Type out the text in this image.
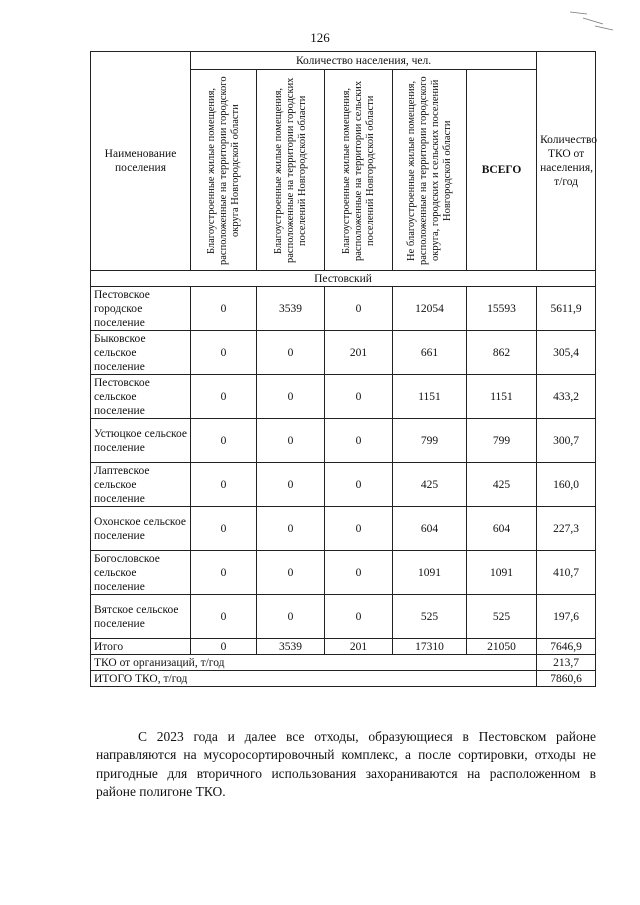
126
Наименование поселения	Количество населения, чел.					Количество ТКО от населения, т/год

	Благоустроенные жилые помещения, расположенные на территории городского округа Новгородской области	Благоустроенные жилые помещения, расположенные на территории городских поселений Новгородской области	Благоустроенные жилые помещения, расположенные на территории сельских поселений Новгородской области	Не благоустроенные жилые помещения, расположенные на территории городского округа, городских и сельских поселений Новгородской области	ВСЕГО	
Пестовский						
Пестовское городское поселение	0	3539	0	12054	15593	5611,9
Быковское сельское поселение	0	0	201	661	862	305,4
Пестовское сельское поселение	0	0	0	1151	1151	433,2
Устюцкое сельское поселение	0	0	0	799	799	300,7
Лаптевское сельское поселение	0	0	0	425	425	160,0
Охонское сельское поселение	0	0	0	604	604	227,3
Богословское сельское поселение	0	0	0	1091	1091	410,7
Вятское сельское поселение	0	0	0	525	525	197,6
Итого	0	3539	201	17310	21050	7646,9
ТКО от организаций, т/год						213,7
ИТОГО ТКО, т/год						7860,6

С 2023 года и далее все отходы, образующиеся в Пестовском районе направляются на мусоросортировочный комплекс, а после сортировки, отходы не пригодные для вторичного использования захораниваются на расположенном в районе полигоне ТКО.
